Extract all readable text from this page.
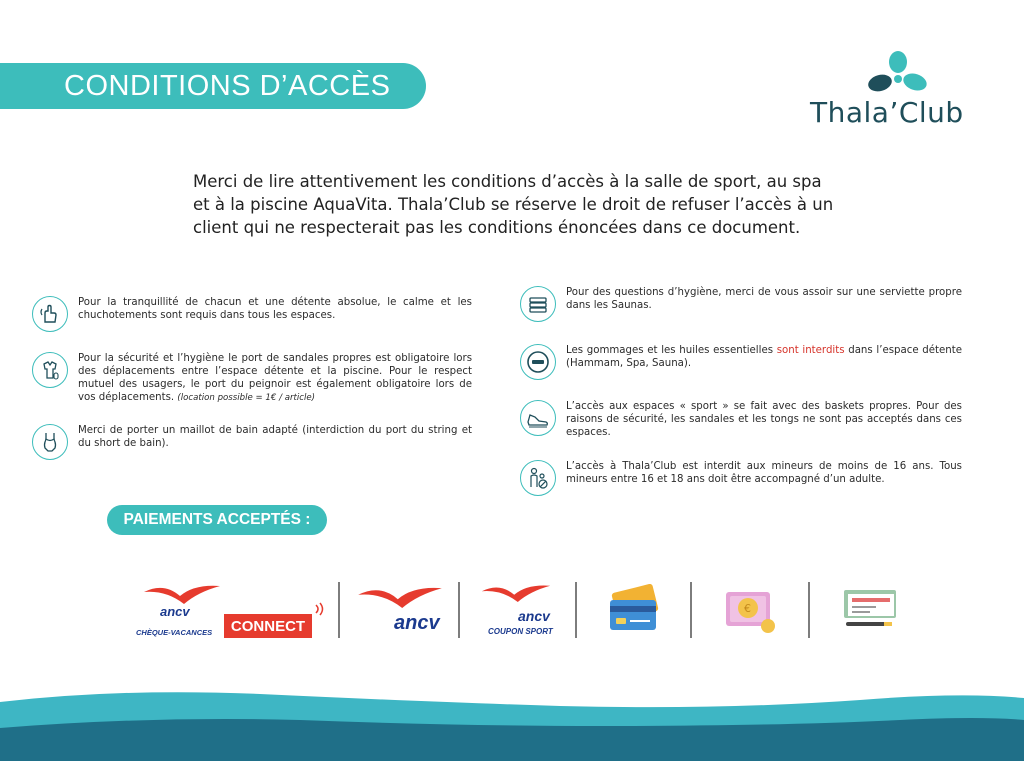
CONDITIONS D’ACCÈS
Thala’Club

Merci de lire attentivement les conditions d’accès à la salle de sport, au spa et à la piscine AquaVita. Thala’Club se réserve le droit de refuser l’accès à un client qui ne respecterait pas les conditions énoncées dans ce document.

Pour la tranquillité de chacun et une détente absolue, le calme et les chuchotements sont requis dans tous les espaces.
Pour la sécurité et l’hygiène le port de sandales propres est obligatoire lors des déplacements entre l’espace détente et la piscine. Pour le respect mutuel des usagers, le port du peignoir est également obligatoire lors de vos déplacements. (location possible = 1€ / article)
Merci de porter un maillot de bain adapté (interdiction du port du string et du short de bain).
Pour des questions d’hygiène, merci de vous assoir sur une serviette propre dans les Saunas.
Les gommages et les huiles essentielles sont interdits dans l’espace détente (Hammam, Spa, Sauna).
L’accès aux espaces « sport » se fait avec des baskets propres. Pour des raisons de sécurité, les sandales et les tongs ne sont pas acceptés dans ces espaces.
L’accès à Thala’Club est interdit aux mineurs de moins de 16 ans. Tous mineurs entre 16 et 18 ans doit être accompagné d’un adulte.
PAIEMENTS ACCEPTÉS :
ancv
CHÈQUE-VACANCES	CONNECT	ancv	ancv
COUPON SPORT
€
